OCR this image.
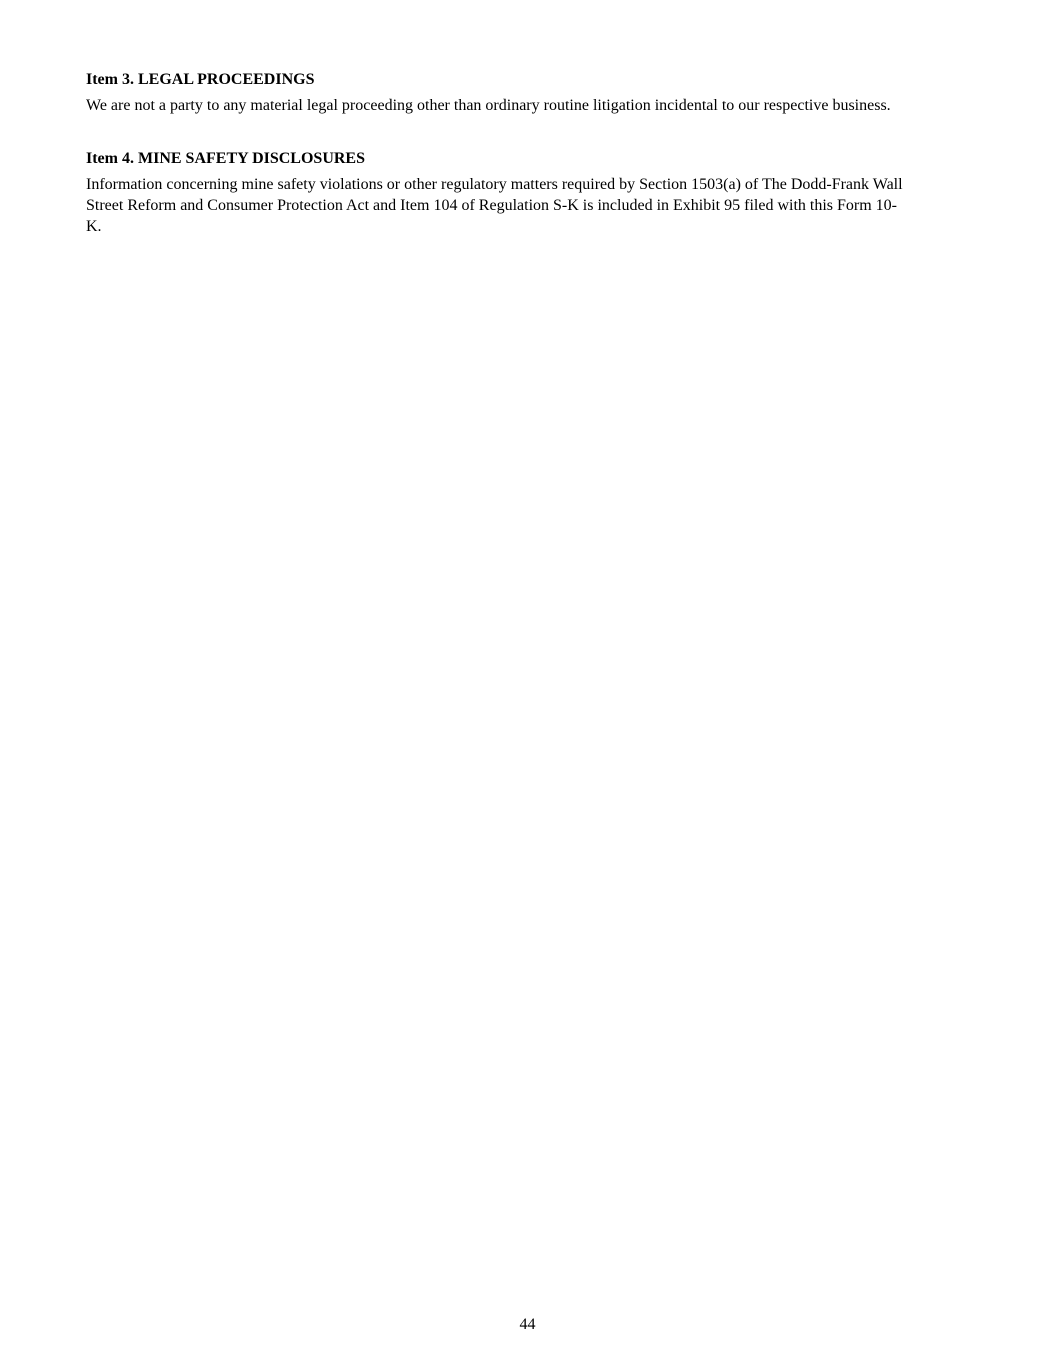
Item 3. LEGAL PROCEEDINGS

We are not a party to any material legal proceeding other than ordinary routine litigation incidental to our respective business.

Item 4. MINE SAFETY DISCLOSURES

Information concerning mine safety violations or other regulatory matters required by Section 1503(a) of The Dodd-Frank Wall
Street Reform and Consumer Protection Act and Item 104 of Regulation S-K is included in Exhibit 95 filed with this Form 10-
K.

44
